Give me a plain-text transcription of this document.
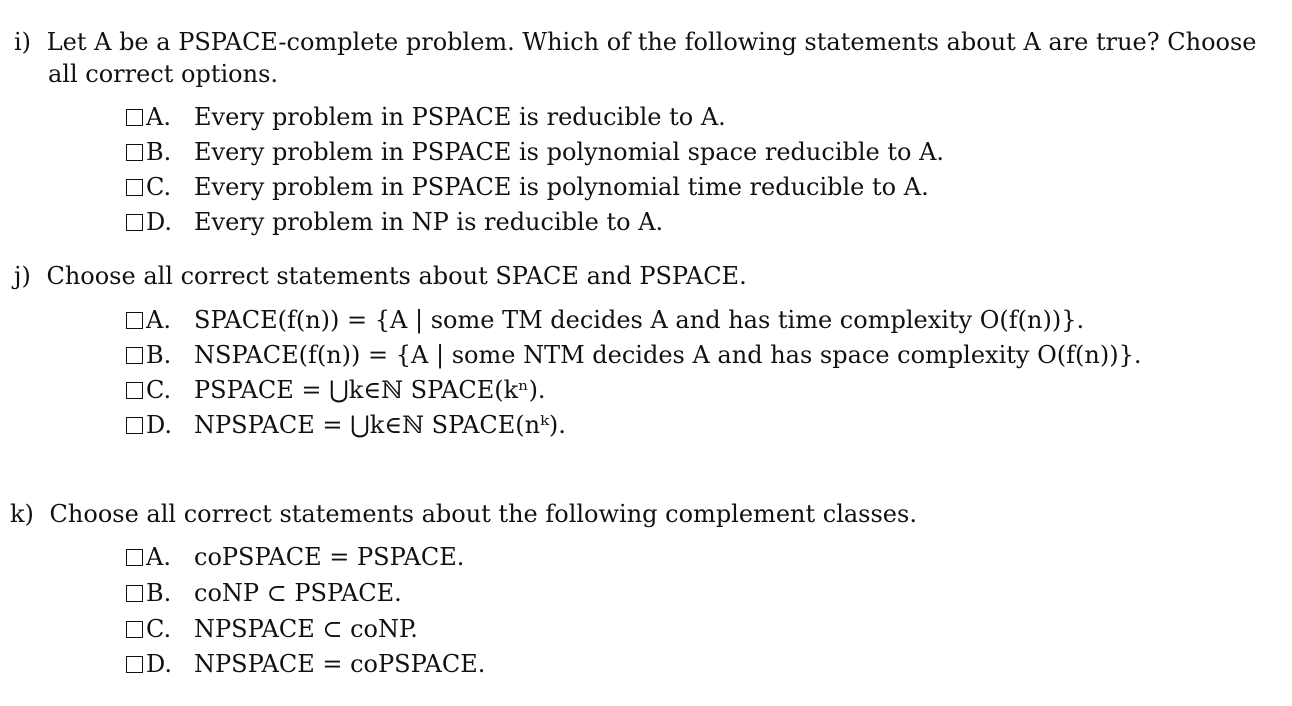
i) Let A be a PSPACE-complete problem. Which of the following statements about A are true? Choose
all correct options.
A. Every problem in PSPACE is reducible to A.
B. Every problem in PSPACE is polynomial space reducible to A.
C. Every problem in PSPACE is polynomial time reducible to A.
D. Every problem in NP is reducible to A.
j) Choose all correct statements about SPACE and PSPACE.
A. SPACE(f(n)) = {A | some TM decides A and has time complexity O(f(n))}.
B. NSPACE(f(n)) = {A | some NTM decides A and has space complexity O(f(n))}.
C. PSPACE = ⋃k∈ℕ SPACE(kⁿ).
D. NPSPACE = ⋃k∈ℕ SPACE(nᵏ).
k) Choose all correct statements about the following complement classes.
A. coPSPACE = PSPACE.
B. coNP ⊂ PSPACE.
C. NPSPACE ⊂ coNP.
D. NPSPACE = coPSPACE.
